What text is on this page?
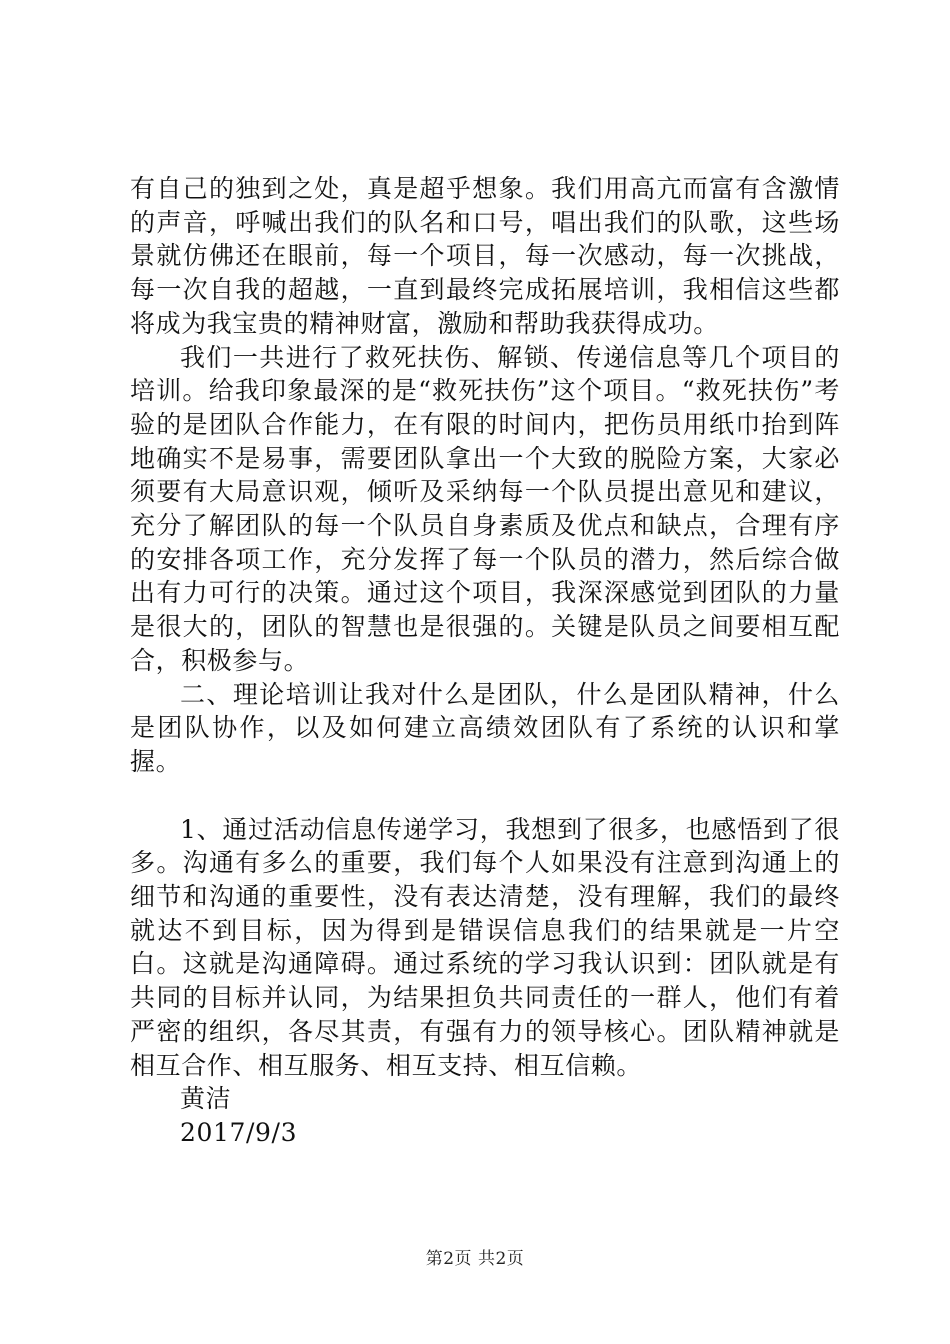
有自己的独到之处，真是超乎想象。我们用高亢而富有含激情的声音，呼喊出我们的队名和口号，唱出我们的队歌，这些场景就仿佛还在眼前，每一个项目，每一次感动，每一次挑战，每一次自我的超越，一直到最终完成拓展培训，我相信这些都将成为我宝贵的精神财富，激励和帮助我获得成功。

我们一共进行了救死扶伤、解锁、传递信息等几个项目的培训。给我印象最深的是“救死扶伤”这个项目。“救死扶伤”考验的是团队合作能力，在有限的时间内，把伤员用纸巾抬到阵地确实不是易事，需要团队拿出一个大致的脱险方案，大家必须要有大局意识观，倾听及采纳每一个队员提出意见和建议，充分了解团队的每一个队员自身素质及优点和缺点，合理有序的安排各项工作，充分发挥了每一个队员的潜力，然后综合做出有力可行的决策。通过这个项目，我深深感觉到团队的力量是很大的，团队的智慧也是很强的。关键是队员之间要相互配合，积极参与。

二、理论培训让我对什么是团队，什么是团队精神，什么是团队协作，以及如何建立高绩效团队有了系统的认识和掌握。

1、通过活动信息传递学习，我想到了很多，也感悟到了很多。沟通有多么的重要，我们每个人如果没有注意到沟通上的细节和沟通的重要性，没有表达清楚，没有理解，我们的最终就达不到目标，因为得到是错误信息我们的结果就是一片空白。这就是沟通障碍。通过系统的学习我认识到：团队就是有共同的目标并认同，为结果担负共同责任的一群人，他们有着严密的组织，各尽其责，有强有力的领导核心。团队精神就是相互合作、相互服务、相互支持、相互信赖。

黄洁

2017/9/3

第2页 共2页
